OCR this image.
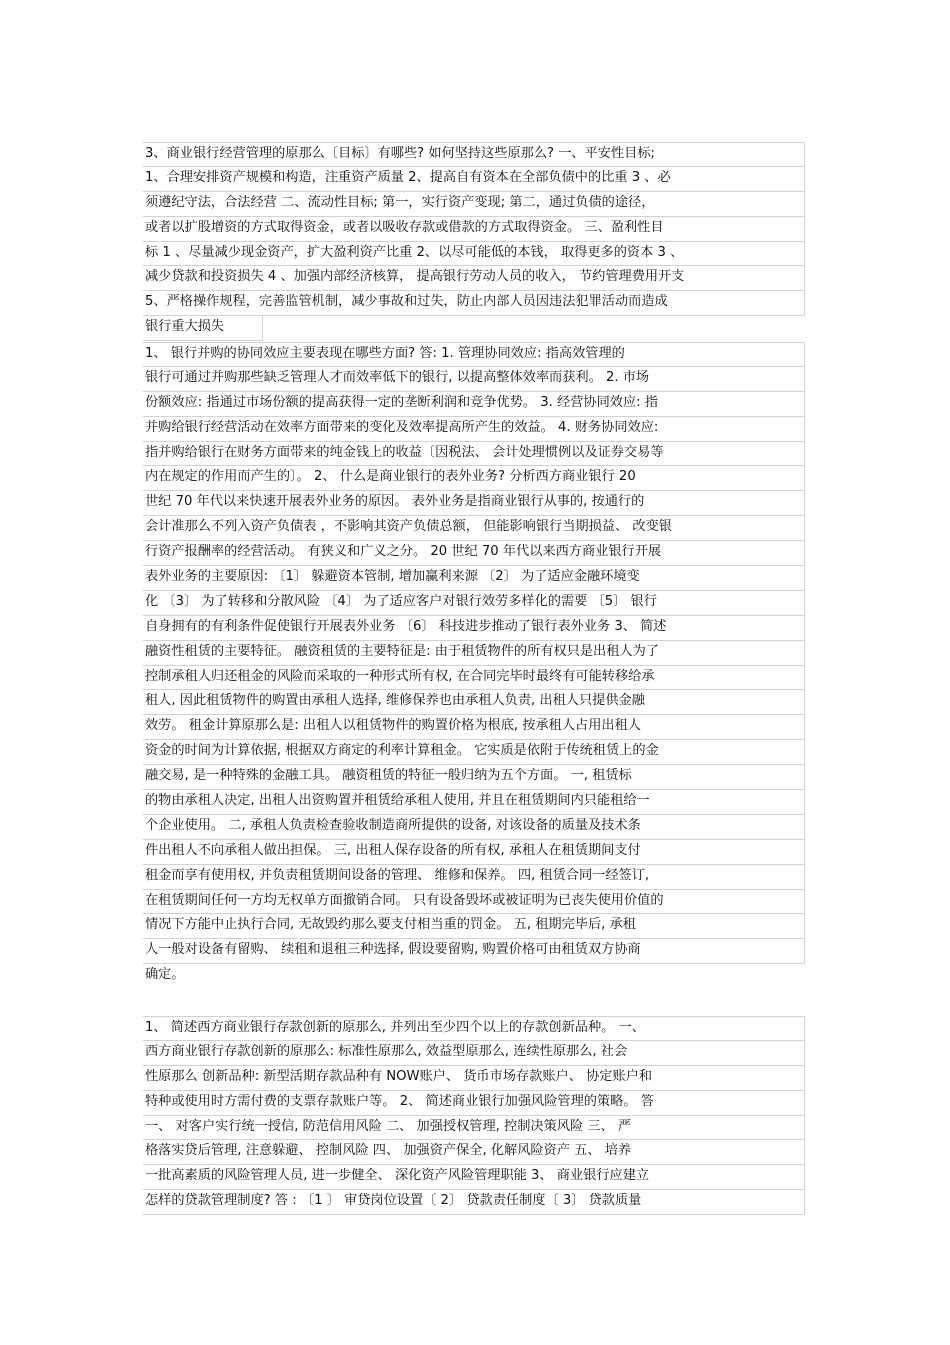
3、商业银行经营管理的原那么〔目标〕有哪些? 如何坚持这些原那么? 一、平安性目标;
1、合理安排资产规模和构造，注重资产质量 2、提高自有资本在全部负债中的比重 3 、必
须遵纪守法，合法经营 二、流动性目标; 第一，实行资产变现; 第二，通过负债的途径，
或者以扩股增资的方式取得资金，或者以吸收存款或借款的方式取得资金。 三、盈利性目
标 1 、尽量减少现金资产，扩大盈利资产比重 2、以尽可能低的本钱， 取得更多的资本 3 、
减少贷款和投资损失 4 、加强内部经济核算， 提高银行劳动人员的收入， 节约管理费用开支
5、严格操作规程，完善监管机制，减少事故和过失，防止内部人员因违法犯罪活动而造成
银行重大损失
1、 银行并购的协同效应主要表现在哪些方面? 答: 1. 管理协同效应: 指高效管理的
银行可通过并购那些缺乏管理人才而效率低下的银行, 以提高整体效率而获利。 2. 市场
份额效应: 指通过市场份额的提高获得一定的垄断利润和竞争优势。 3. 经营协同效应: 指
并购给银行经营活动在效率方面带来的变化及效率提高所产生的效益。 4. 财务协同效应:
指并购给银行在财务方面带来的纯金钱上的收益〔因税法、 会计处理惯例以及证券交易等
内在规定的作用而产生的〕。 2、 什么是商业银行的表外业务? 分析西方商业银行 20
世纪 70 年代以来快速开展表外业务的原因。 表外业务是指商业银行从事的, 按通行的
会计准那么不列入资产负债表 ，不影响其资产负债总额， 但能影响银行当期损益、 改变银
行资产报酬率的经营活动。 有狭义和广义之分。 20 世纪 70 年代以来西方商业银行开展
表外业务的主要原因: 〔1〕 躲避资本管制, 增加赢利来源 〔2〕 为了适应金融环境变
化 〔3〕 为了转移和分散风险 〔4〕 为了适应客户对银行效劳多样化的需要 〔5〕 银行
自身拥有的有利条件促使银行开展表外业务 〔6〕 科技进步推动了银行表外业务 3、 简述
融资性租赁的主要特征。 融资租赁的主要特征是: 由于租赁物件的所有权只是出租人为了
控制承租人归还租金的风险而采取的一种形式所有权, 在合同完毕时最终有可能转移给承
租人, 因此租赁物件的购置由承租人选择, 维修保养也由承租人负责, 出租人只提供金融
效劳。 租金计算原那么是: 出租人以租赁物件的购置价格为根底, 按承租人占用出租人
资金的时间为计算依据, 根据双方商定的利率计算租金。 它实质是依附于传统租赁上的金
融交易, 是一种特殊的金融工具。 融资租赁的特征一般归纳为五个方面。 一, 租赁标
的物由承租人决定, 出租人出资购置并租赁给承租人使用, 并且在租赁期间内只能租给一
个企业使用。 二, 承租人负责检查验收制造商所提供的设备, 对该设备的质量及技术条
件出租人不向承租人做出担保。 三, 出租人保存设备的所有权, 承租人在租赁期间支付
租金而享有使用权, 并负责租赁期间设备的管理、 维修和保养。 四, 租赁合同一经签订,
在租赁期间任何一方均无权单方面撤销合同。 只有设备毁坏或被证明为已丧失使用价值的
情况下方能中止执行合同, 无故毁约那么要支付相当重的罚金。 五, 租期完毕后, 承租
人一般对设备有留购、 续租和退租三种选择, 假设要留购, 购置价格可由租赁双方协商
确定。
1、 简述西方商业银行存款创新的原那么, 并列出至少四个以上的存款创新品种。 一、
西方商业银行存款创新的原那么: 标准性原那么, 效益型原那么, 连续性原那么, 社会
性原那么 创新品种: 新型活期存款品种有 NOW账户、 货币市场存款账户、 协定账户和
特种或使用时方需付费的支票存款账户等。 2、 简述商业银行加强风险管理的策略。 答
一、 对客户实行统一授信, 防范信用风险 二、 加强授权管理, 控制决策风险 三、 严
格落实贷后管理, 注意躲避、 控制风险 四、 加强资产保全, 化解风险资产 五、 培养
一批高素质的风险管理人员, 进一步健全、 深化资产风险管理职能 3、 商业银行应建立
怎样的贷款管理制度? 答 : 〔1 〕 审贷岗位设置〔 2〕 贷款责任制度〔 3〕 贷款质量
